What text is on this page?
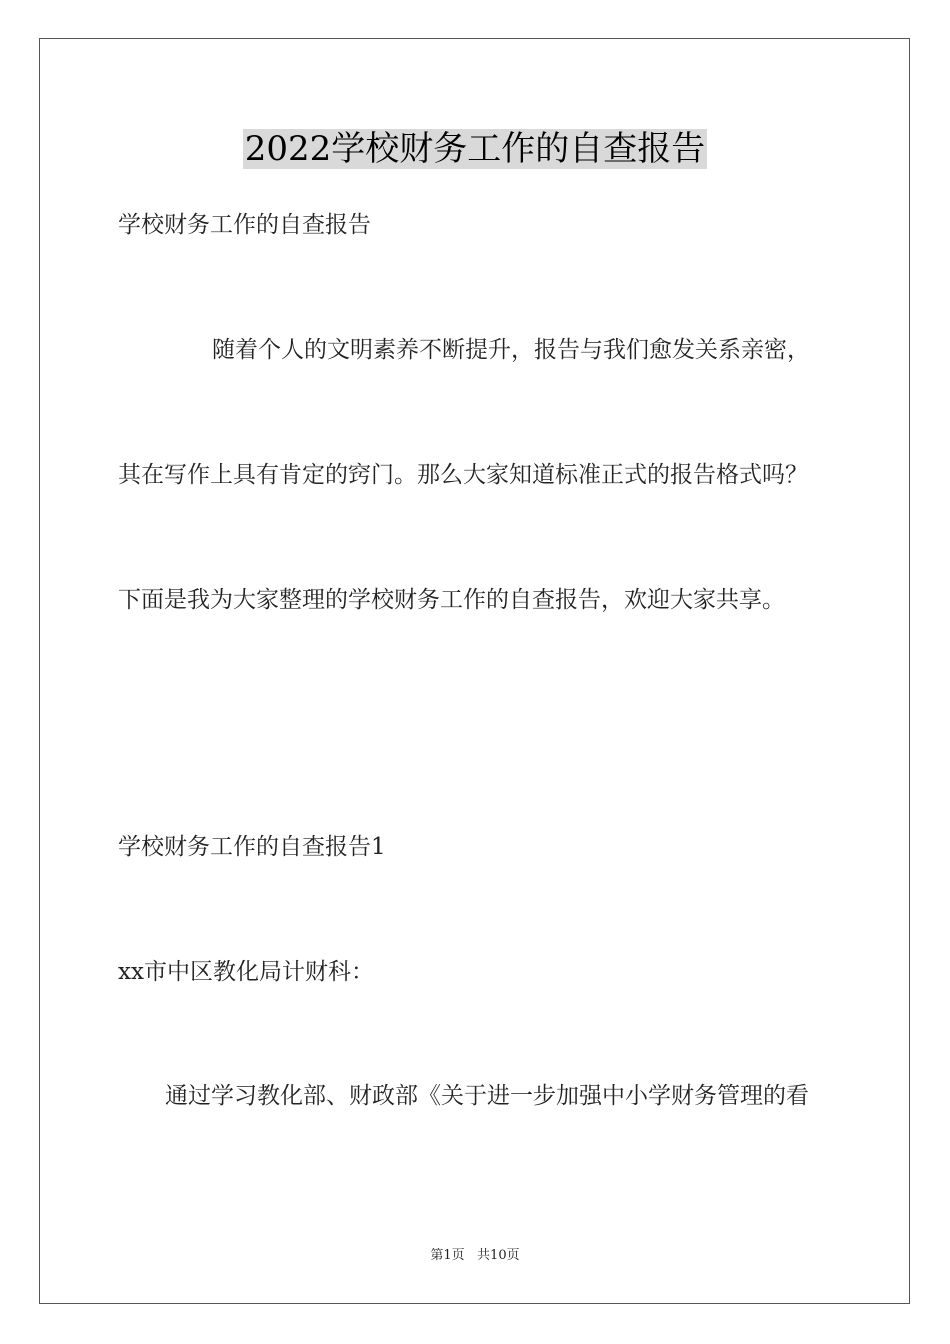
2022学校财务工作的自查报告
学校财务工作的自查报告
随着个人的文明素养不断提升，报告与我们愈发关系亲密，
其在写作上具有肯定的窍门。那么大家知道标准正式的报告格式吗？
下面是我为大家整理的学校财务工作的自查报告，欢迎大家共享。
学校财务工作的自查报告1
xx市中区教化局计财科：
通过学习教化部、财政部《关于进一步加强中小学财务管理的看
第1页   共10页
